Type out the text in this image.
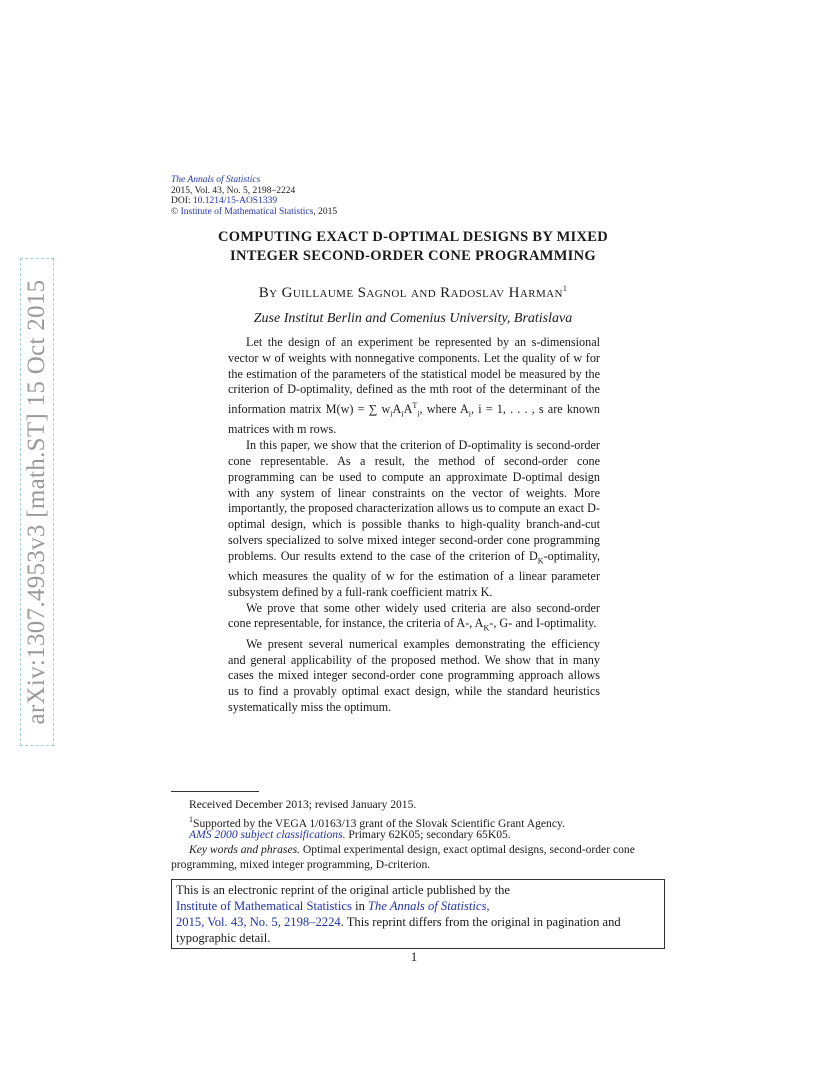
arXiv:1307.4953v3 [math.ST] 15 Oct 2015
The Annals of Statistics
2015, Vol. 43, No. 5, 2198–2224
DOI: 10.1214/15-AOS1339
© Institute of Mathematical Statistics, 2015
COMPUTING EXACT D-OPTIMAL DESIGNS BY MIXED
INTEGER SECOND-ORDER CONE PROGRAMMING
By Guillaume Sagnol and Radoslav Harman$^1$
Zuse Institut Berlin and Comenius University, Bratislava

Let the design of an experiment be represented by an s-dimensional vector w of weights with nonnegative components. Let the quality of w for the estimation of the parameters of the statistical model be measured by the criterion of D-optimality, defined as the mth root of the determinant of the information matrix M(w) = ∑ $w_iA_iA^T_i$, where $A_i$, i = 1, . . . , s are known matrices with m rows.

In this paper, we show that the criterion of D-optimality is second-order cone representable. As a result, the method of second-order cone programming can be used to compute an approximate D-optimal design with any system of linear constraints on the vector of weights. More importantly, the proposed characterization allows us to compute an exact D-optimal design, which is possible thanks to high-quality branch-and-cut solvers specialized to solve mixed integer second-order cone programming problems. Our results extend to the case of the criterion of $D_K$-optimality, which measures the quality of w for the estimation of a linear parameter subsystem defined by a full-rank coefficient matrix K.

We prove that some other widely used criteria are also second-order cone representable, for instance, the criteria of A-, $A_K-$, G- and I-optimality.

We present several numerical examples demonstrating the efficiency and general applicability of the proposed method. We show that in many cases the mixed integer second-order cone programming approach allows us to find a provably optimal exact design, while the standard heuristics systematically miss the optimum.

Received December 2013; revised January 2015.
$^1$Supported by the VEGA 1/0163/13 grant of the Slovak Scientific Grant Agency.
AMS 2000 subject classifications. Primary 62K05; secondary 65K05.
Key words and phrases. Optimal experimental design, exact optimal designs, second-order cone programming, mixed integer programming, D-criterion.
This is an electronic reprint of the original article published by the
Institute of Mathematical Statistics in The Annals of Statistics,
2015, Vol. 43, No. 5, 2198–2224. This reprint differs from the original in pagination and typographic detail.
1
